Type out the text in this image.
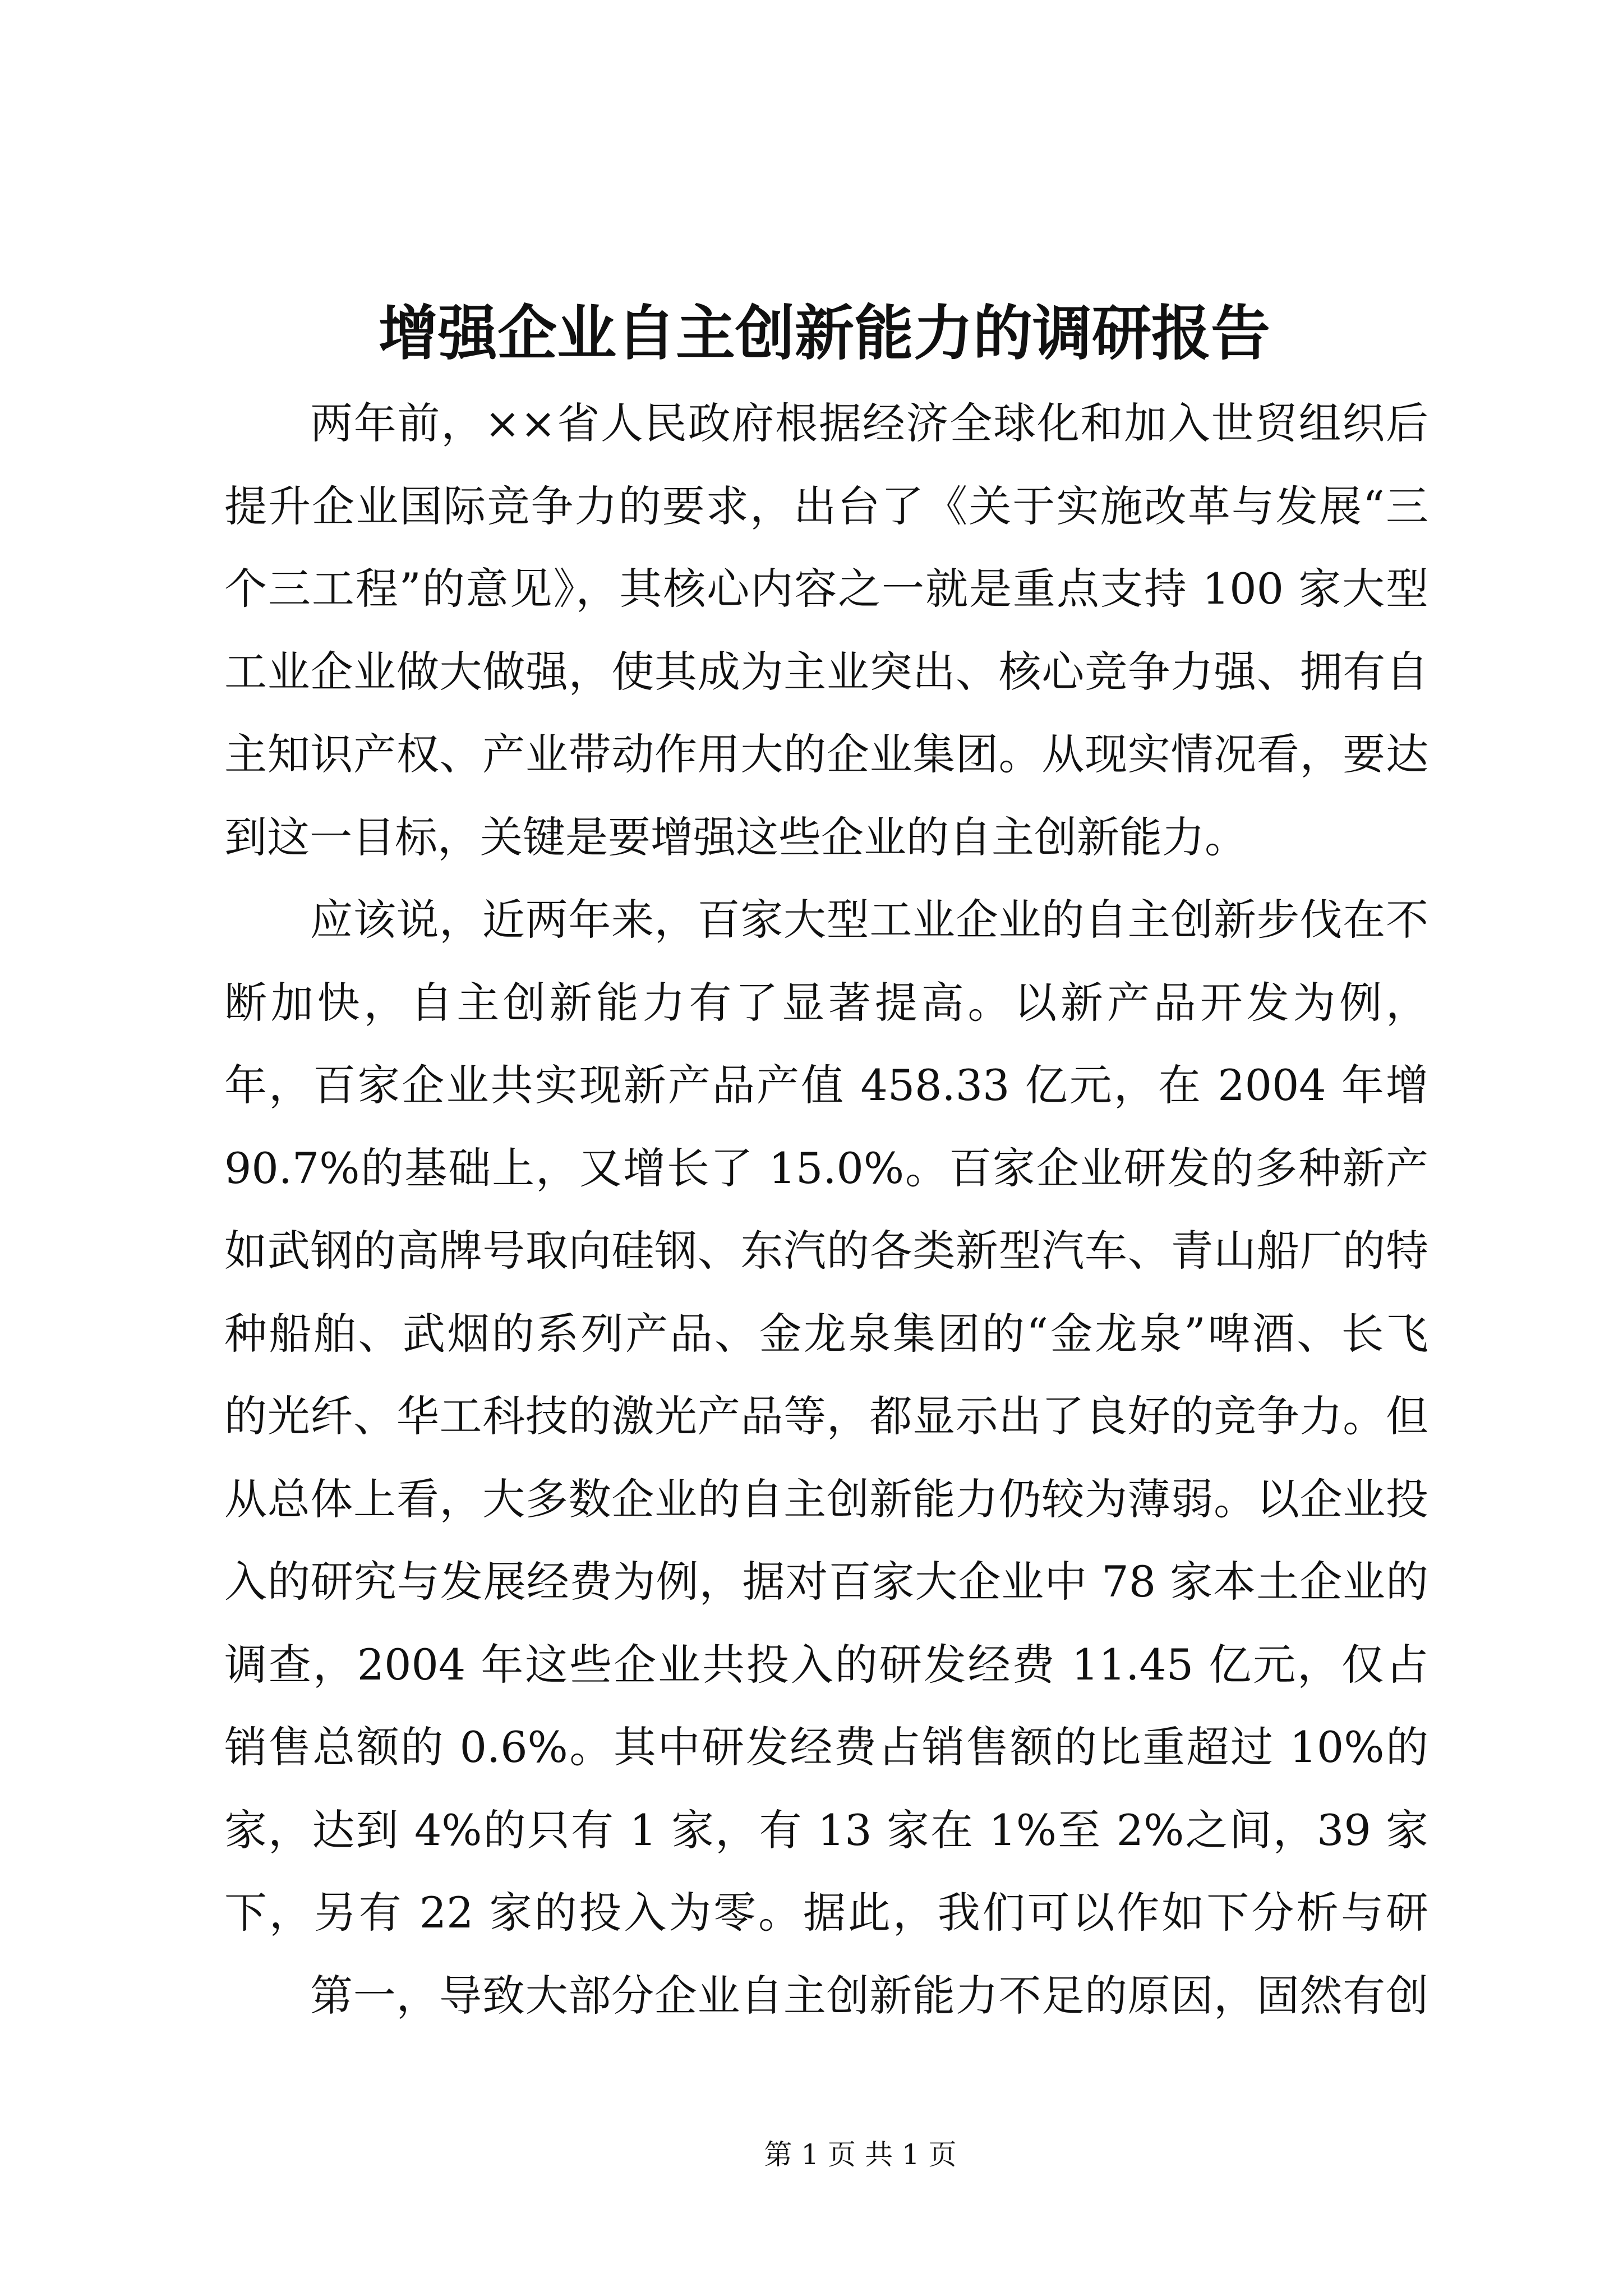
增强企业自主创新能力的调研报告
两年前，××省人民政府根据经济全球化和加入世贸组织后
提升企业国际竞争力的要求，出台了《关于实施改革与发展“三
个三工程”的意见》，其核心内容之一就是重点支持 100 家大型
工业企业做大做强，使其成为主业突出、核心竞争力强、拥有自
主知识产权、产业带动作用大的企业集团。从现实情况看，要达
到这一目标，关键是要增强这些企业的自主创新能力。
应该说，近两年来，百家大型工业企业的自主创新步伐在不
断加快，自主创新能力有了显著提高。以新产品开发为例，
年，百家企业共实现新产品产值 458.33 亿元，在 2004 年增
90.7%的基础上，又增长了 15.0%。百家企业研发的多种新产
如武钢的高牌号取向硅钢、东汽的各类新型汽车、青山船厂的特
种船舶、武烟的系列产品、金龙泉集团的“金龙泉”啤酒、长飞
的光纤、华工科技的激光产品等，都显示出了良好的竞争力。但
从总体上看，大多数企业的自主创新能力仍较为薄弱。以企业投
入的研究与发展经费为例，据对百家大企业中 78 家本土企业的
调查，2004 年这些企业共投入的研发经费 11.45 亿元，仅占
销售总额的 0.6%。其中研发经费占销售额的比重超过 10%的
家，达到 4%的只有 1 家，有 13 家在 1%至 2%之间，39 家
下，另有 22 家的投入为零。据此，我们可以作如下分析与研
第一，导致大部分企业自主创新能力不足的原因，固然有创
第 1 页 共 1 页
